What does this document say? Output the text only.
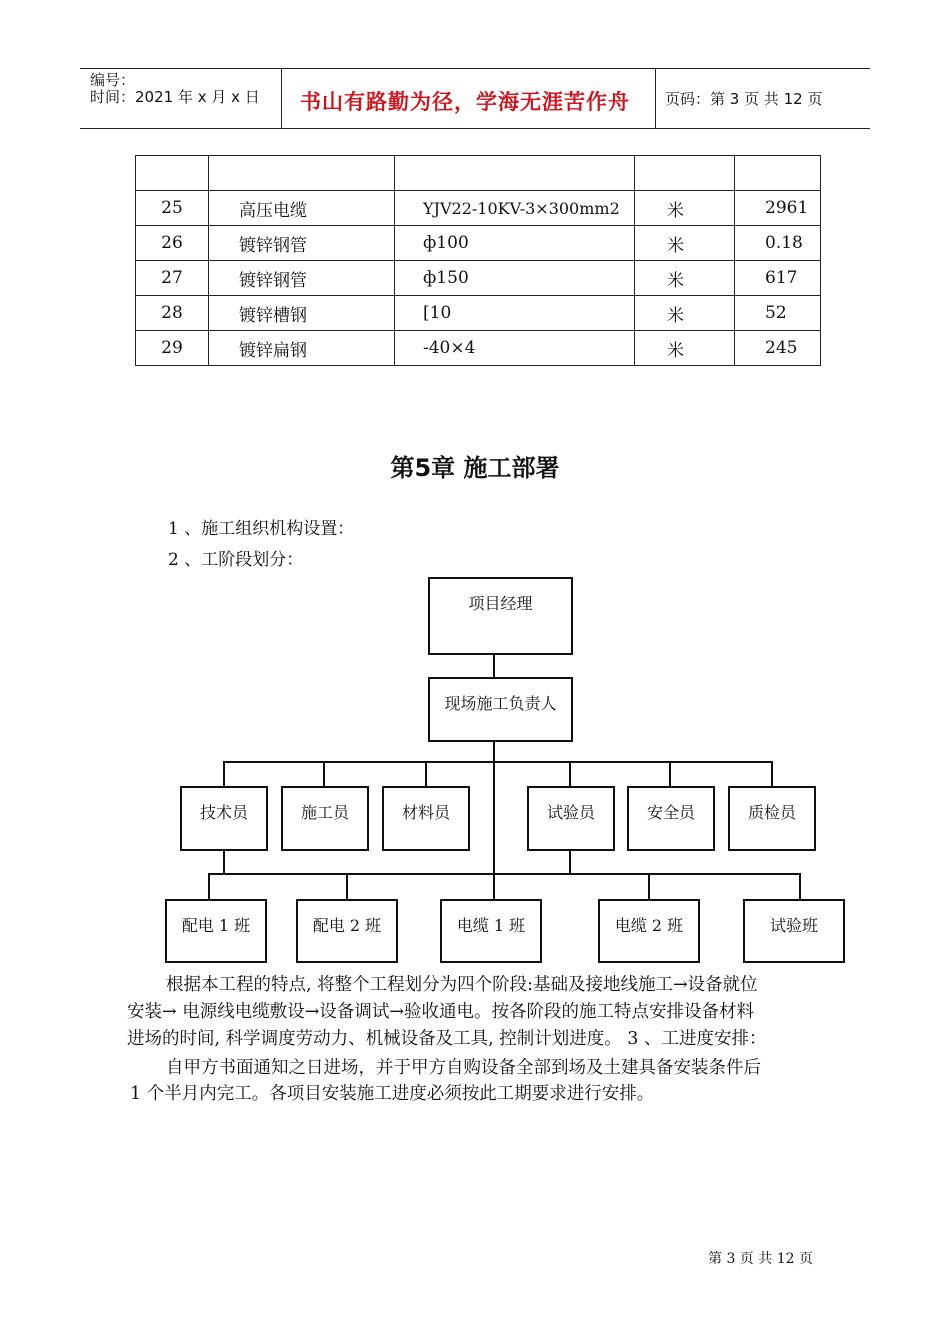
编号：
时间：2021 年 x 月 x 日 书山有路勤为径，学海无涯苦作舟 页码：第 3 页 共 12 页

25	高压电缆	YJV22-10KV-3×300mm2	米	2961
26	镀锌钢管	ф100	米	0.18
27	镀锌钢管	ф150	米	617
28	镀锌槽钢	[10	米	52
29	镀锌扁钢	-40×4	米	245
第5章 施工部署
1 、施工组织机构设置：
2 、工阶段划分：
项目经理
现场施工负责人
技术员	施工员	材料员	试验员	安全员	质检员
配电 1 班	配电 2 班	电缆 1 班	电缆 2 班	试验班
根据本工程的特点, 将整个工程划分为四个阶段:基础及接地线施工→设备就位
安装→ 电源线电缆敷设→设备调试→验收通电。按各阶段的施工特点安排设备材料
进场的时间, 科学调度劳动力、机械设备及工具, 控制计划进度。 3 、工进度安排：
自甲方书面通知之日进场，并于甲方自购设备全部到场及土建具备安装条件后
1 个半月内完工。各项目安装施工进度必须按此工期要求进行安排。
第 3 页 共 12 页
